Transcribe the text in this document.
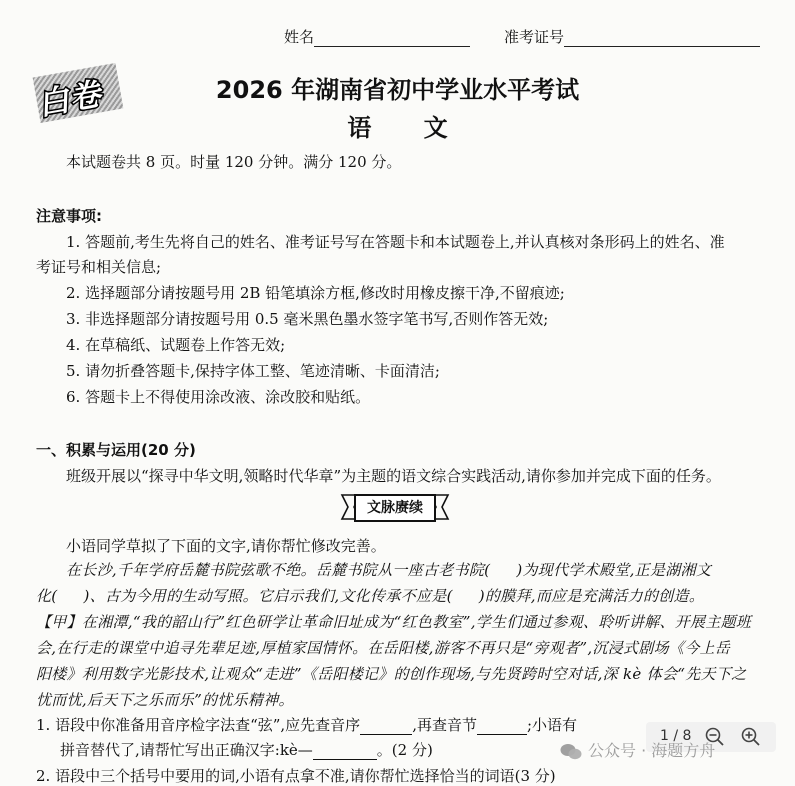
姓名	准考证号
白卷	2026 年湖南省初中学业水平考试
语 文
本试题卷共 8 页。时量 120 分钟。满分 120 分。
注意事项:
1. 答题前,考生先将自己的姓名、准考证号写在答题卡和本试题卷上,并认真核对条形码上的姓名、准
考证号和相关信息;
2. 选择题部分请按题号用 2B 铅笔填涂方框,修改时用橡皮擦干净,不留痕迹;
3. 非选择题部分请按题号用 0.5 毫米黑色墨水签字笔书写,否则作答无效;
4. 在草稿纸、试题卷上作答无效;
5. 请勿折叠答题卡,保持字体工整、笔迹清晰、卡面清洁;
6. 答题卡上不得使用涂改液、涂改胶和贴纸。
一、积累与运用(20 分)
班级开展以“探寻中华文明,领略时代华章”为主题的语文综合实践活动,请你参加并完成下面的任务。
文脉赓续
小语同学草拟了下面的文字,请你帮忙修改完善。
在长沙,千年学府岳麓书院弦歌不绝。岳麓书院从一座古老书院( )为现代学术殿堂,正是湖湘文
化( )、古为今用的生动写照。它启示我们,文化传承不应是( )的膜拜,而应是充满活力的创造。
【甲】在湘潭,“我的韶山行”红色研学让革命旧址成为“红色教室”,学生们通过参观、聆听讲解、开展主题班
会,在行走的课堂中追寻先辈足迹,厚植家国情怀。在岳阳楼,游客不再只是“旁观者”,沉浸式剧场《今上岳
阳楼》利用数字光影技术,让观众“走进”《岳阳楼记》的创作现场,与先贤跨时空对话,深 kè 体会“先天下之
忧而忧,后天下之乐而乐”的忧乐精神。
1. 语段中你准备用音序检字法查“弦”,应先查音序	,再查音节	;小语有
拼音替代了,请帮忙写出正确汉字:kè—	。(2 分)
2. 语段中三个括号中要用的词,小语有点拿不准,请你帮忙选择恰当的词语(3 分)
1 / 8
公众号 · 海题方舟
